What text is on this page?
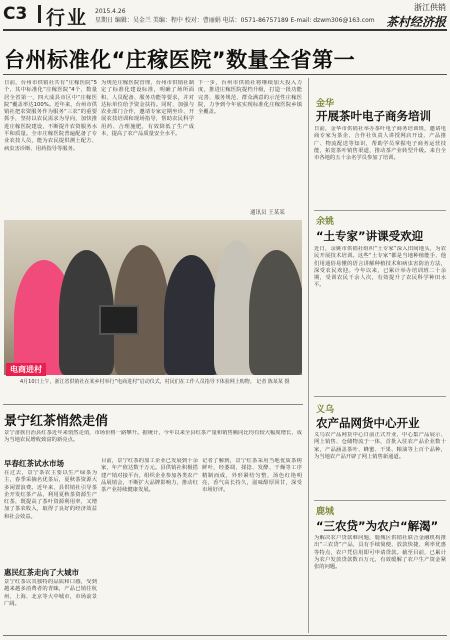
C3 行业 2015.4.26
星期日 编辑：吴金兰 美编：程中 校对：曹丽娟 电话：0571-86757189 E-mail: dzwm306@163.com
浙江供销
茶村经济报
台州标准化“庄稼医院”数量全省第一
日前，台州市供销社共有“庄稼医院”5个，其中标准化“庄稼医院”4个，数量居全省第一，四大成县市区中“庄稼医院”覆盖率达100%。近年来，台州市供销社把农资服务作为服务“三农”的重要抓手，坚持以农民需求为导向，加快推进庄稼医院建设，不断提升农资服务水平和质量。全市庄稼医院普遍配备了专业农技人员，能为农民提供测土配方、病虫害诊断、用药指导等服务。
为规范庄稼医院管理，台州市供销社制定了标准化建设标准，明确了场所面积、人员配备、服务功能等要求，并对达标单位给予资金扶持。同时，加强与农业部门合作，邀请专家定期坐诊，开展农技培训和现场指导，帮助农民科学用药、合理施肥，有效降低了生产成本，提高了农产品质量安全水平。
下一步，台州市供销社将继续加大投入力度，推进庄稼医院提档升级，打造一批功能完善、服务规范、群众满意的示范性庄稼医院，力争到今年底实现标准化庄稼医院乡镇全覆盖。
通讯员 王某某
电商进村
4月10日上午，浙江省供销社在某乡村举行“电商进村”启动仪式，村民们在工作人员指导下体验网上购物。 记者 陈某某 摄
景宁红茶悄然走俏
景宁畲族自治县红茶近年来悄然走俏，市场价格一路攀升。据统计，今年以来全县红茶产量和销售额同比均有较大幅度增长，成为当地农民增收致富的新亮点。
早春红茶试水市场
在过去，景宁茶农主要以生产绿茶为主，春季采摘名优茶后，夏秋茶资源大多闲置浪费。近年来，县供销社引导茶企开发红茶产品，利用夏秋茶资源生产红茶，既提高了茶叶资源利用率，又增加了茶农收入，取得了良好的经济效益和社会效益。
惠民红茶走向了大城市
景宁红茶以其独特的品质和口感，受到越来越多消费者的青睐，产品已销往杭州、上海、北京等大中城市，市场前景广阔。
目前，景宁红茶的加工企业已发展到十余家，年产值达数千万元。县供销社积极搭建产销对接平台，组织企业参加各类农产品展销会，不断扩大品牌影响力，推动红茶产业持续健康发展。
记者了解到，景宁红茶采用当地优质茶树鲜叶，经萎凋、揉捻、发酵、干燥等工序精制而成，外形紧结匀整，汤色红艳明亮，香气高长持久，滋味醇厚回甘，深受市场好评。
金华
开展茶叶电子商务培训
日前，金华市供销社举办茶叶电子商务培训班，邀请电商专家为茶企、合作社负责人讲授网店开设、产品推广、物流配送等知识，帮助学员掌握电子商务运营技能，拓宽茶叶销售渠道，推动茶产业转型升级。来自全市各地的五十余名学员参加了培训。
余姚
“土专家”讲课受欢迎
近日，余姚市供销社组织“土专家”深入田间地头，为农民开展技术培训。这些“土专家”都是当地种植能手，他们用通俗易懂的语言讲解种植技术和病虫害防治方法，深受农民欢迎。今年以来，已累计举办培训班二十余期，受训农民千余人次，有效提升了农民科学种田水平。
义乌
农产品网货中心开业
义乌农产品网货中心日前正式开业，中心集产品展示、网上销售、仓储物流于一体，首批入驻农产品企业数十家，产品涵盖茶叶、蜂蜜、干果、粮油等上百个品种，为当地农产品开辟了网上销售新通道。
鹿城
“三农贷”为农户“解渴”
为解决农户贷款难问题，鹿城区供销社联合金融机构推出“三农贷”产品，具有手续简便、放款快捷、利率优惠等特点，农户凭信用即可申请贷款。截至目前，已累计为农户发放贷款数百万元，有效缓解了农户生产资金紧张的问题。
